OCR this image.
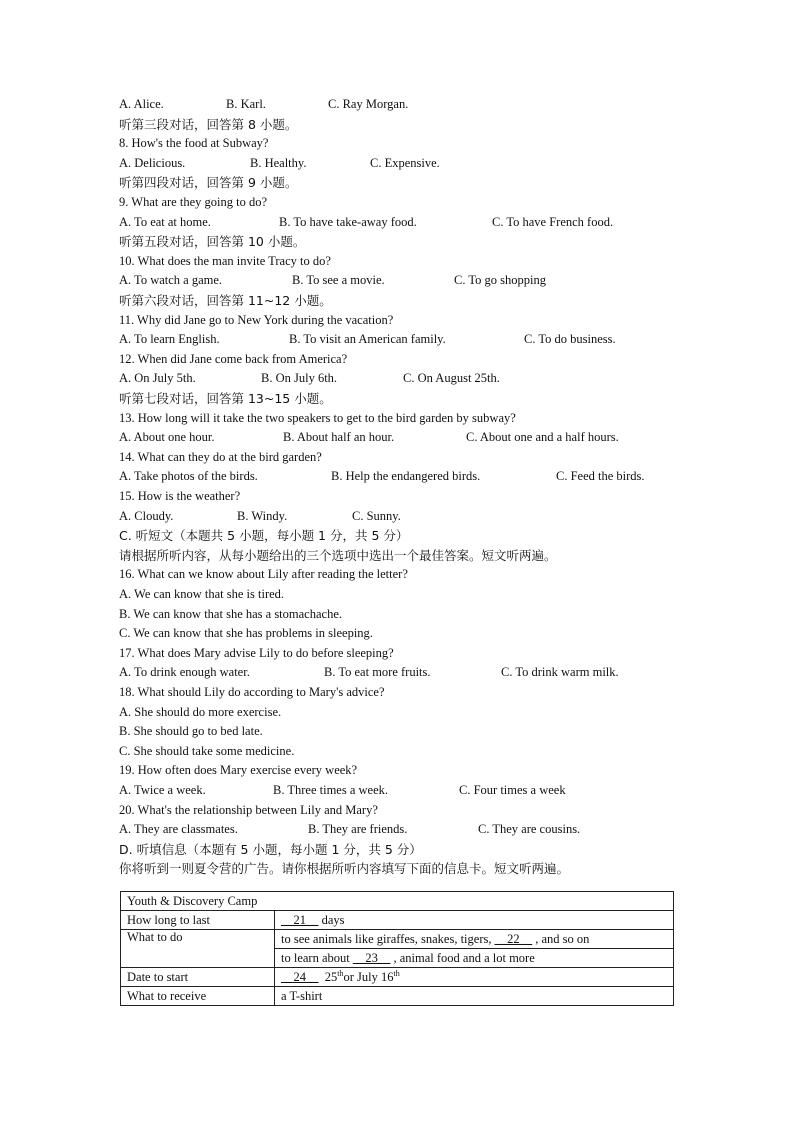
A. Alice.	B. Karl.	C. Ray Morgan.
听第三段对话，回答第 8 小题。
8. How's the food at Subway?
A. Delicious.	B. Healthy.	C. Expensive.
听第四段对话，回答第 9 小题。
9. What are they going to do?
A. To eat at home.	B. To have take-away food.	C. To have French food.
听第五段对话，回答第 10 小题。
10. What does the man invite Tracy to do?
A. To watch a game.	B. To see a movie.	C. To go shopping
听第六段对话，回答第 11~12 小题。
11. Why did Jane go to New York during the vacation?
A. To learn English.	B. To visit an American family.	C. To do business.
12. When did Jane come back from America?
A. On July 5th.	B. On July 6th.	C. On August 25th.
听第七段对话，回答第 13~15 小题。
13. How long will it take the two speakers to get to the bird garden by subway?
A. About one hour.	B. About half an hour.	C. About one and a half hours.
14. What can they do at the bird garden?
A. Take photos of the birds.	B. Help the endangered birds.	C. Feed the birds.
15. How is the weather?
A. Cloudy.	B. Windy.	C. Sunny.
C. 听短文（本题共 5 小题，每小题 1 分，共 5 分）
请根据所听内容，从每小题给出的三个选项中选出一个最佳答案。短文听两遍。
16. What can we know about Lily after reading the letter?
A. We can know that she is tired.
B. We can know that she has a stomachache.
C. We can know that she has problems in sleeping.
17. What does Mary advise Lily to do before sleeping?
A. To drink enough water.	B. To eat more fruits.	C. To drink warm milk.
18. What should Lily do according to Mary's advice?
A. She should do more exercise.
B. She should go to bed late.
C. She should take some medicine.
19. How often does Mary exercise every week?
A. Twice a week.	B. Three times a week.	C. Four times a week
20. What's the relationship between Lily and Mary?
A. They are classmates.	B. They are friends.	C. They are cousins.
D. 听填信息（本题有 5 小题，每小题 1 分，共 5 分）
你将听到一则夏令营的广告。请你根据所听内容填写下面的信息卡。短文听两遍。
Youth & Discovery Camp	
How long to last	__21__ days
What to do	to see animals like giraffes, snakes, tigers, __22__ , and so on
	to learn about __23__ , animal food and a lot more
Date to start	__24__ 25thor July 16th
What to receive	a T-shirt
